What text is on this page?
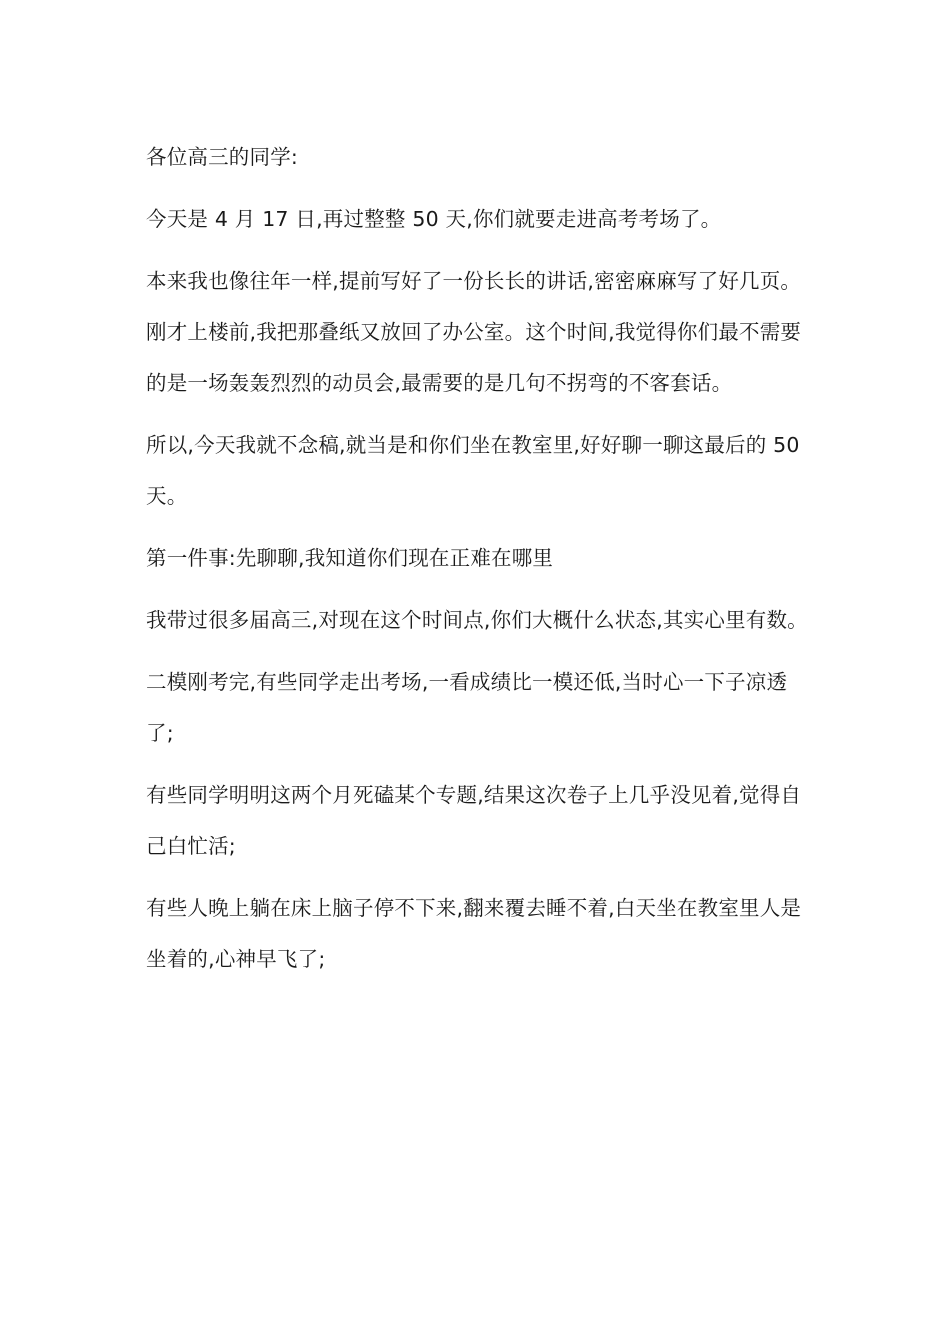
各位高三的同学:

今天是 4 月 17 日,再过整整 50 天,你们就要走进高考考场了。

本来我也像往年一样,提前写好了一份长长的讲话,密密麻麻写了好几页。刚才上楼前,我把那叠纸又放回了办公室。这个时间,我觉得你们最不需要的是一场轰轰烈烈的动员会,最需要的是几句不拐弯的不客套话。

所以,今天我就不念稿,就当是和你们坐在教室里,好好聊一聊这最后的 50 天。

第一件事:先聊聊,我知道你们现在正难在哪里

我带过很多届高三,对现在这个时间点,你们大概什么状态,其实心里有数。

二模刚考完,有些同学走出考场,一看成绩比一模还低,当时心一下子凉透了;

有些同学明明这两个月死磕某个专题,结果这次卷子上几乎没见着,觉得自己白忙活;

有些人晚上躺在床上脑子停不下来,翻来覆去睡不着,白天坐在教室里人是坐着的,心神早飞了;
